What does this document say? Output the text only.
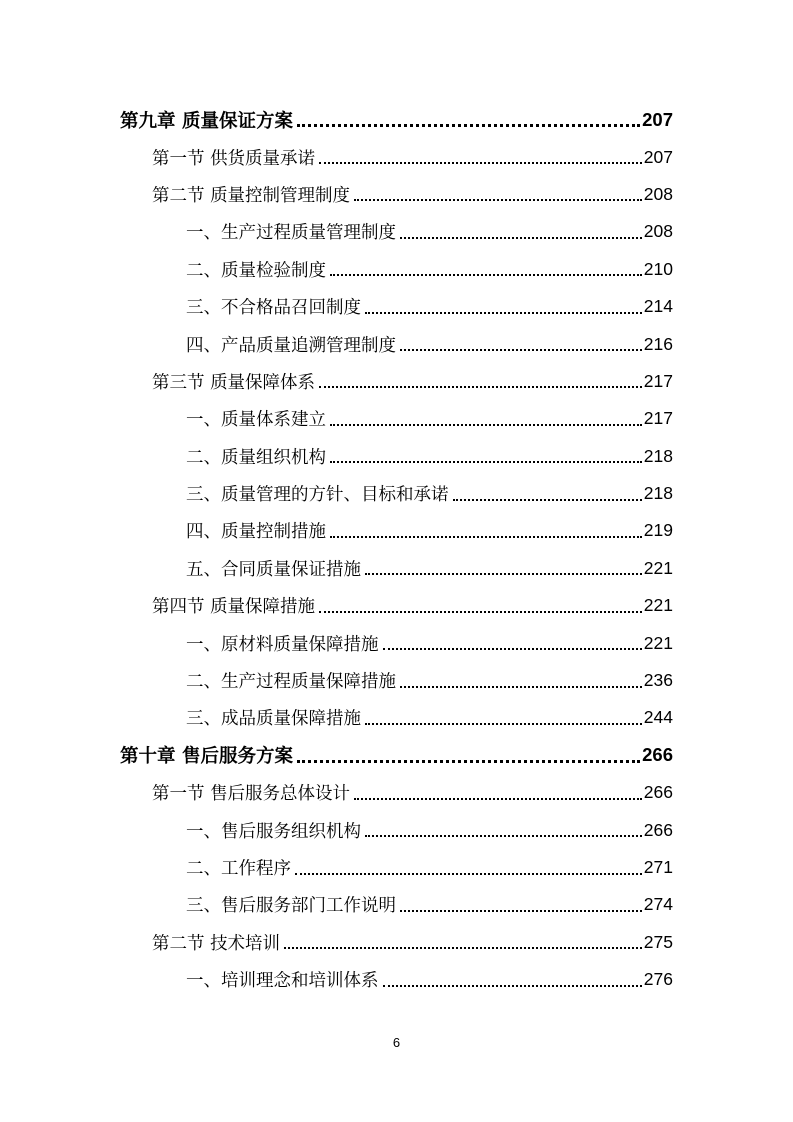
第九章 质量保证方案	207
第一节 供货质量承诺	207
第二节 质量控制管理制度	208
一、生产过程质量管理制度	208
二、质量检验制度	210
三、不合格品召回制度	214
四、产品质量追溯管理制度	216
第三节 质量保障体系	217
一、质量体系建立	217
二、质量组织机构	218
三、质量管理的方针、目标和承诺	218
四、质量控制措施	219
五、合同质量保证措施	221
第四节 质量保障措施	221
一、原材料质量保障措施	221
二、生产过程质量保障措施	236
三、成品质量保障措施	244
第十章 售后服务方案	266
第一节 售后服务总体设计	266
一、售后服务组织机构	266
二、工作程序	271
三、售后服务部门工作说明	274
第二节 技术培训	275
一、培训理念和培训体系	276
6
